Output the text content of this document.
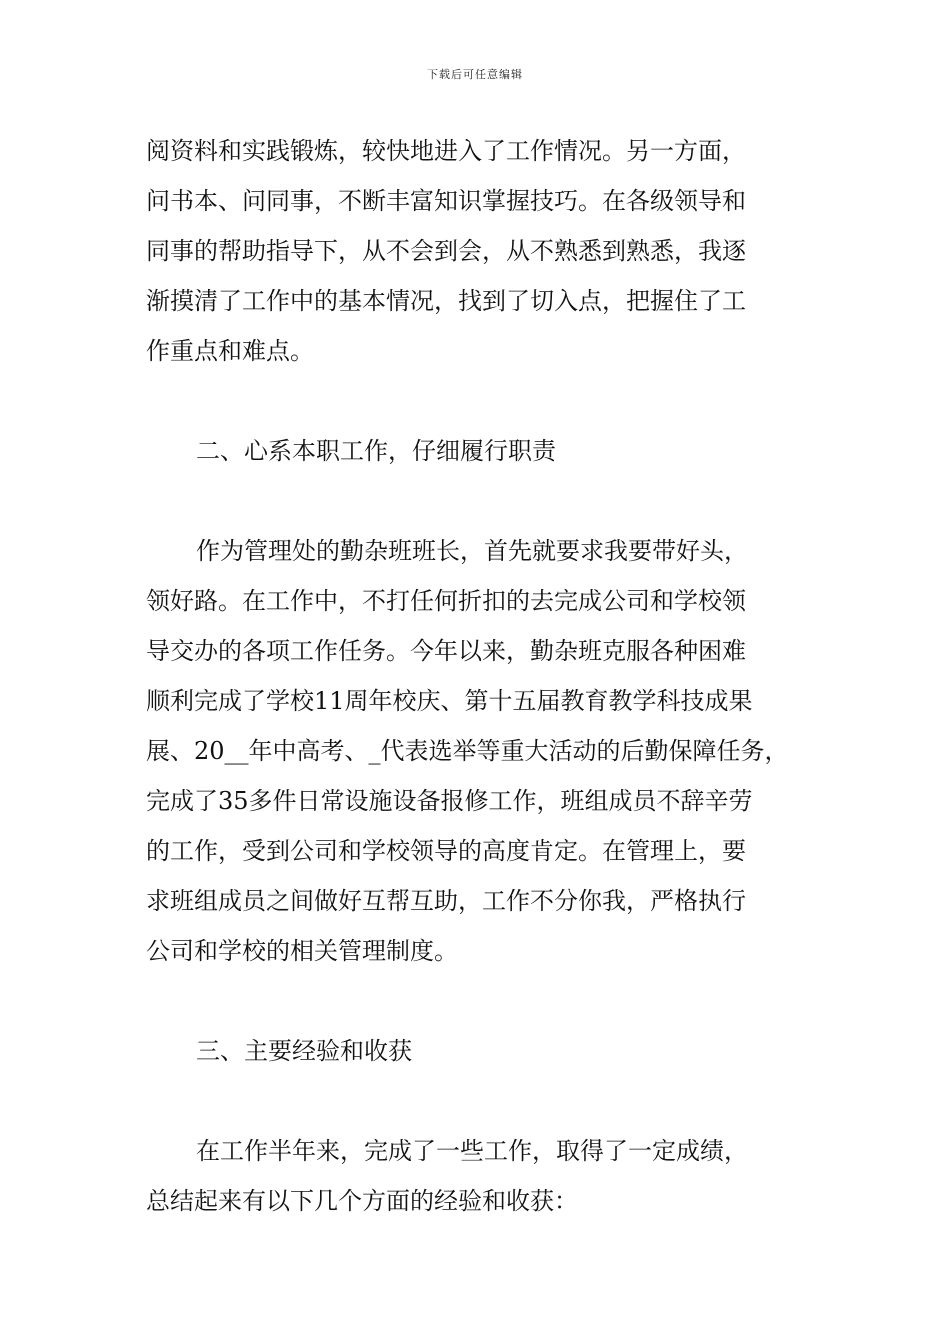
下载后可任意编辑

阅资料和实践锻炼，较快地进入了工作情况。另一方面，
问书本、问同事，不断丰富知识掌握技巧。在各级领导和
同事的帮助指导下，从不会到会，从不熟悉到熟悉，我逐
渐摸清了工作中的基本情况，找到了切入点，把握住了工
作重点和难点。

二、心系本职工作，仔细履行职责

作为管理处的勤杂班班长，首先就要求我要带好头，
领好路。在工作中，不打任何折扣的去完成公司和学校领
导交办的各项工作任务。今年以来，勤杂班克服各种困难
顺利完成了学校11周年校庆、第十五届教育教学科技成果
展、20__年中高考、_代表选举等重大活动的后勤保障任务，
完成了35多件日常设施设备报修工作，班组成员不辞辛劳
的工作，受到公司和学校领导的高度肯定。在管理上，要
求班组成员之间做好互帮互助，工作不分你我，严格执行
公司和学校的相关管理制度。

三、主要经验和收获

在工作半年来，完成了一些工作，取得了一定成绩，
总结起来有以下几个方面的经验和收获：
